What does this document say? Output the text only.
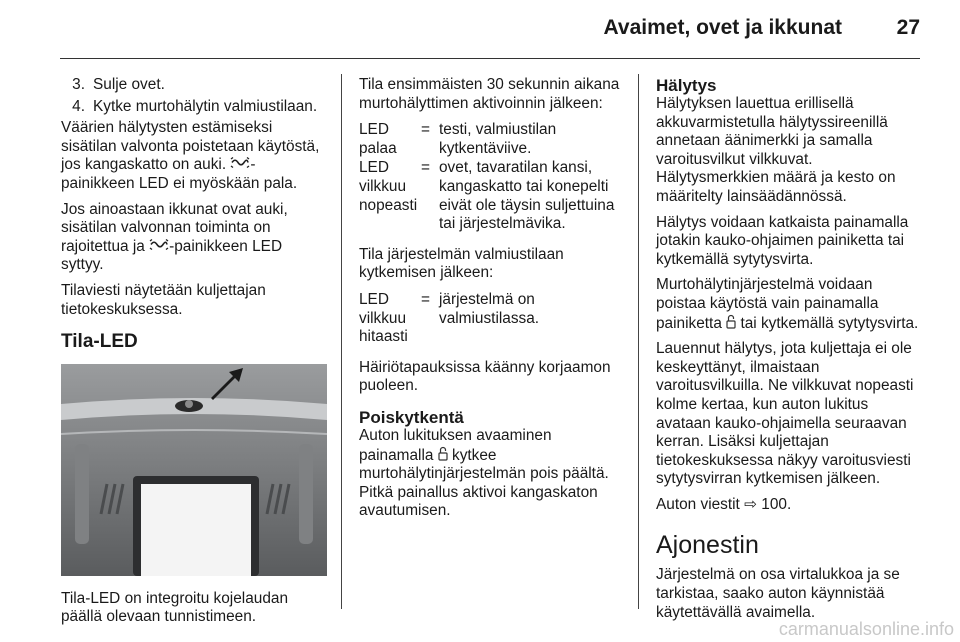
Avaimet, ovet ja ikkunat	27
3. Sulje ovet.
4. Kytke murtohälytin valmiustilaan.

Väärien hälytysten estämiseksi sisätilan valvonta poistetaan käytöstä, jos kangaskatto on auki. -painikkeen LED ei myöskään pala.

Jos ainoastaan ikkunat ovat auki, sisätilan valvonnan toiminta on rajoitettua ja -painikkeen LED syttyy.

Tilaviesti näytetään kuljettajan tietokeskuksessa.

Tila-LED

Tila-LED on integroitu kojelaudan päällä olevaan tunnistimeen.

Tila ensimmäisten 30 sekunnin aikana murtohälyttimen aktivoinnin jälkeen:

LED palaa
= testi, valmiustilan kytkentäviive.
LED vilkkuu nopeasti
= ovet, tavaratilan kansi, kangaskatto tai konepelti eivät ole täysin suljettuina tai järjestelmävika.

Tila järjestelmän valmiustilaan kytkemisen jälkeen:

LED vilkkuu hitaasti
= järjestelmä on valmiustilassa.

Häiriötapauksissa käänny korjaamon puoleen.

Poiskytkentä

Auton lukituksen avaaminen painamalla  kytkee murtohälytinjärjestelmän pois päältä. Pitkä painallus aktivoi kangaskaton avautumisen.

Hälytys

Hälytyksen lauettua erillisellä akkuvarmistetulla hälytyssireenillä annetaan äänimerkki ja samalla varoitusvilkut vilkkuvat. Hälytysmerkkien määrä ja kesto on määritelty lainsäädännössä.

Hälytys voidaan katkaista painamalla jotakin kauko-ohjaimen painiketta tai kytkemällä sytytysvirta.

Murtohälytinjärjestelmä voidaan poistaa käytöstä vain painamalla painiketta  tai kytkemällä sytytysvirta.

Lauennut hälytys, jota kuljettaja ei ole keskeyttänyt, ilmaistaan varoitusvilkuilla. Ne vilkkuvat nopeasti kolme kertaa, kun auton lukitus avataan kauko-ohjaimella seuraavan kerran. Lisäksi kuljettajan tietokeskuksessa näkyy varoitusviesti sytytysvirran kytkemisen jälkeen.

Auton viestit ⇨ 100.

Ajonestin

Järjestelmä on osa virtalukkoa ja se tarkistaa, saako auton käynnistää käytettävällä avaimella.

carmanualsonline.info
